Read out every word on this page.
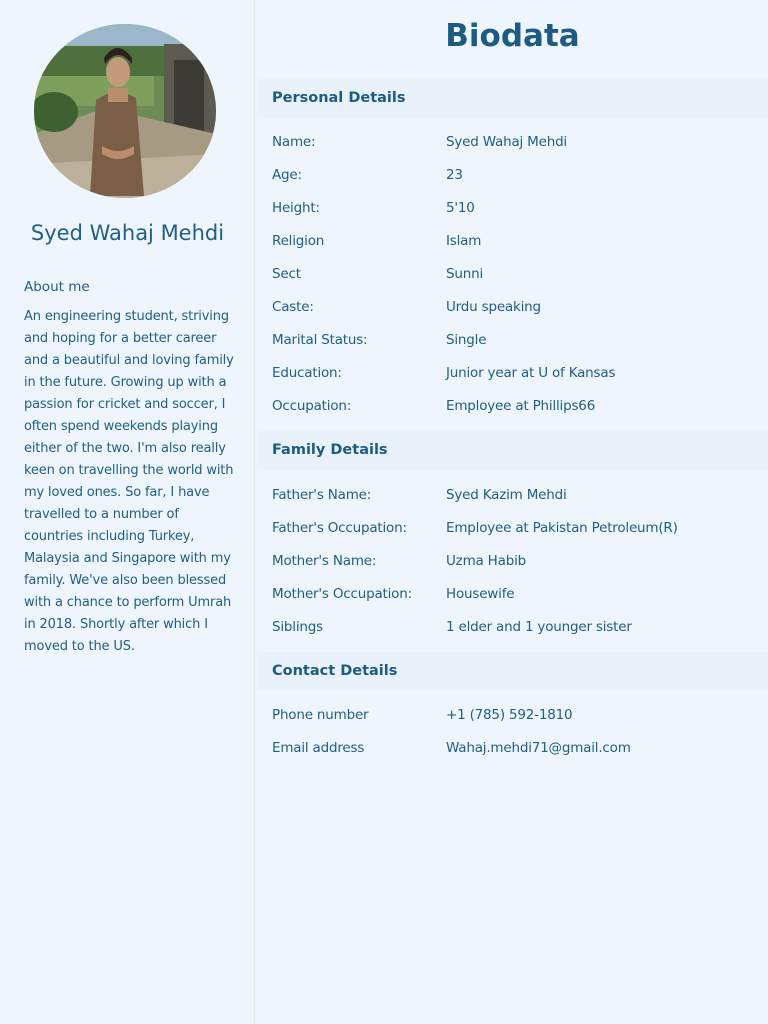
Syed Wahaj Mehdi
About me
An engineering student, striving and hoping for a better career and a beautiful and loving family in the future. Growing up with a passion for cricket and soccer, I often spend weekends playing either of the two. I'm also really keen on travelling the world with my loved ones. So far, I have travelled to a number of countries including Turkey, Malaysia and Singapore with my family. We've also been blessed with a chance to perform Umrah in 2018. Shortly after which I moved to the US.
Biodata
Personal Details
Name:	Syed Wahaj Mehdi
Age:	23
Height:	5'10
Religion	Islam
Sect	Sunni
Caste:	Urdu speaking
Marital Status:	Single
Education:	Junior year at U of Kansas
Occupation:	Employee at Phillips66
Family Details
Father's Name:	Syed Kazim Mehdi
Father's Occupation:	Employee at Pakistan Petroleum(R)
Mother's Name:	Uzma Habib
Mother's Occupation:	Housewife
Siblings	1 elder and 1 younger sister
Contact Details
Phone number	+1 (785) 592-1810
Email address	Wahaj.mehdi71@gmail.com
